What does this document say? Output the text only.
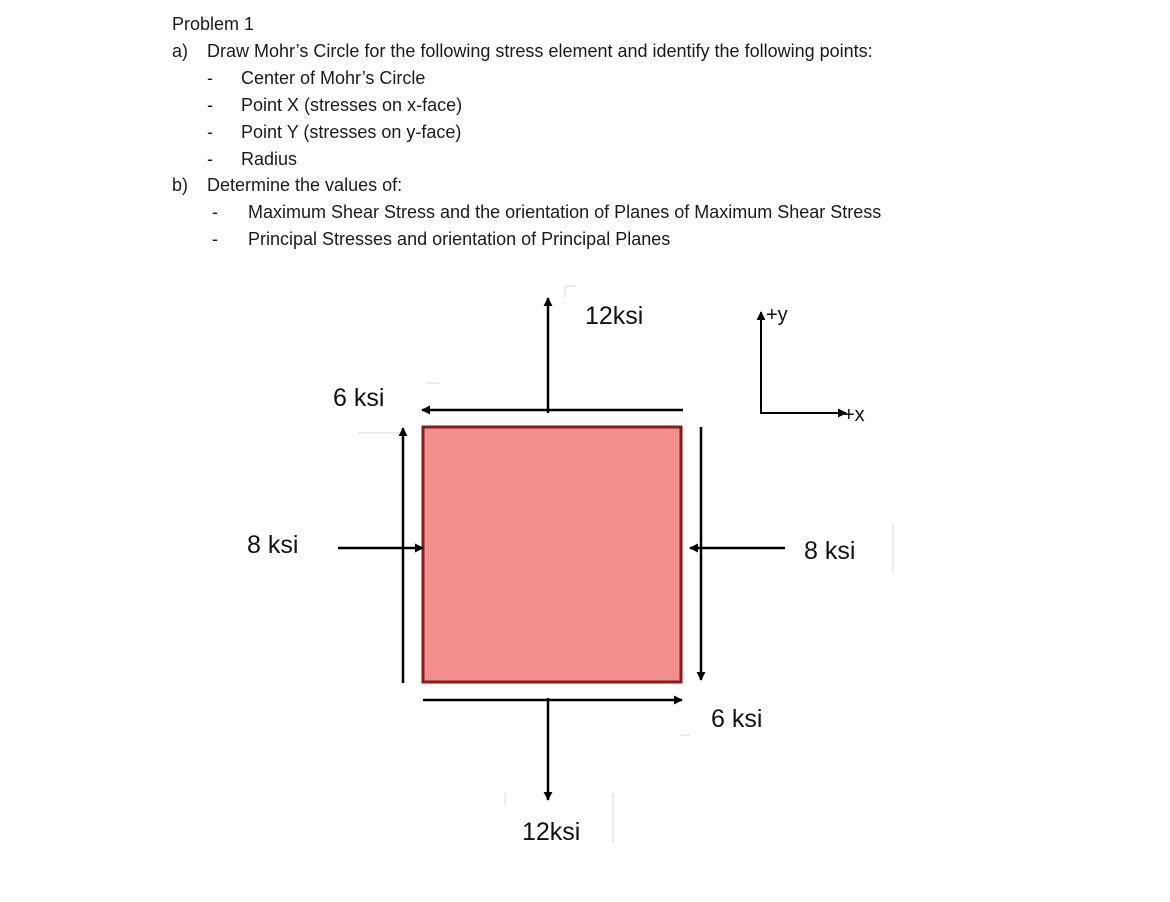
Problem 1
a) Draw Mohr’s Circle for the following stress element and identify the following points:
- Center of Mohr’s Circle
- Point X (stresses on x-face)
- Point Y (stresses on y-face)
- Radius
b) Determine the values of:
- Maximum Shear Stress and the orientation of Planes of Maximum Shear Stress
- Principal Stresses and orientation of Principal Planes
12ksi
12ksi
8 ksi	8 ksi
6 ksi
6 ksi
+y
+x
